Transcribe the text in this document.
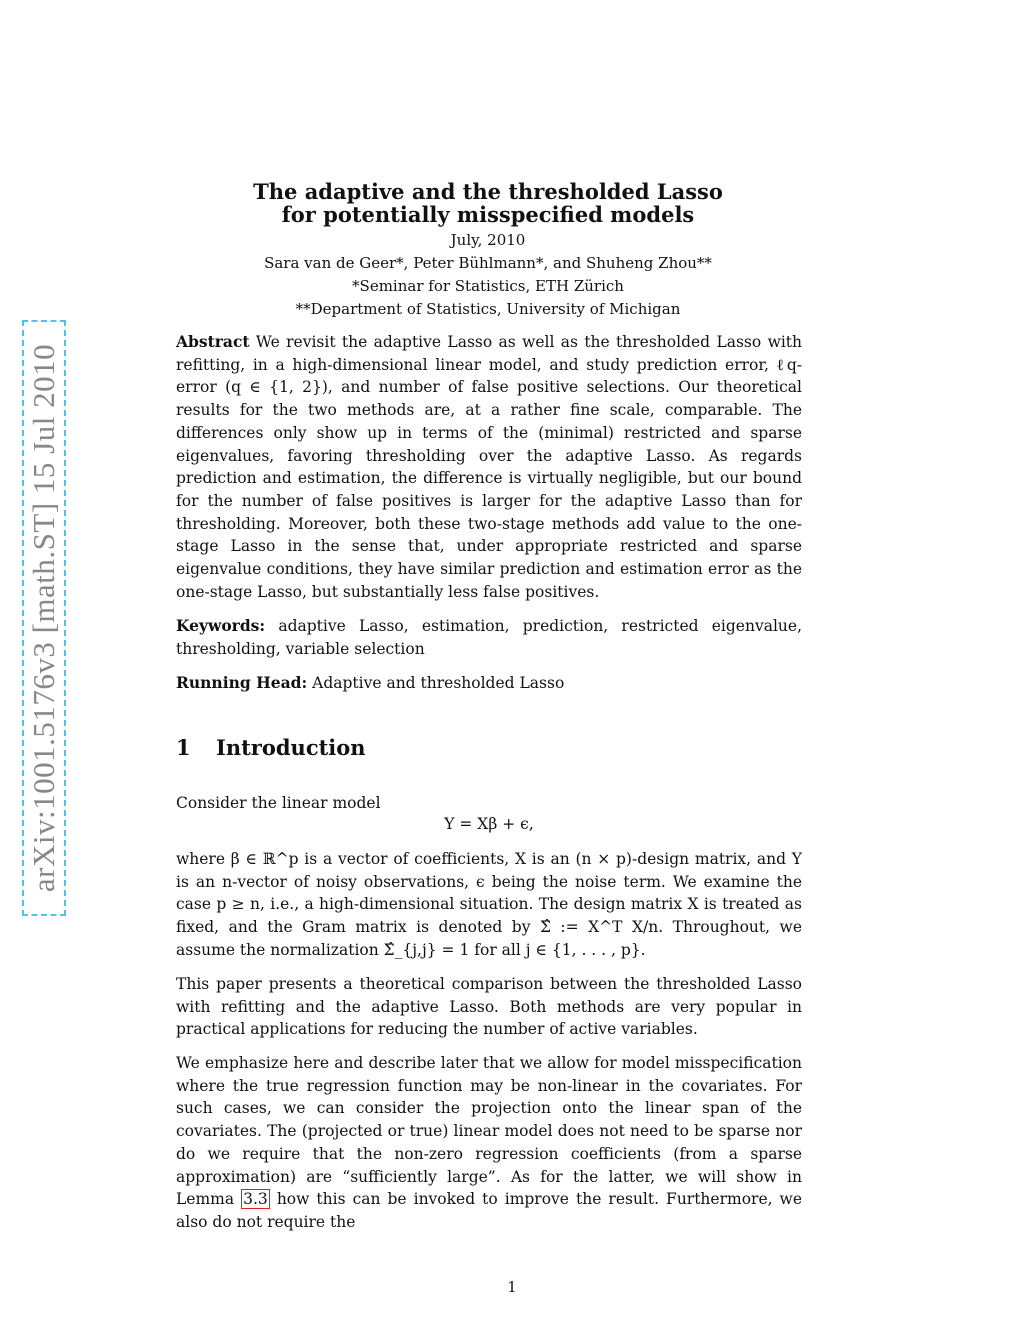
arXiv:1001.5176v3 [math.ST] 15 Jul 2010
The adaptive and the thresholded Lasso
for potentially misspecified models
July, 2010
Sara van de Geer*, Peter Bühlmann*, and Shuheng Zhou**
*Seminar for Statistics, ETH Zürich
**Department of Statistics, University of Michigan

Abstract We revisit the adaptive Lasso as well as the thresholded Lasso with refitting, in a high-dimensional linear model, and study prediction error, ℓq-error (q ∈ {1, 2}), and number of false positive selections. Our theoretical results for the two methods are, at a rather fine scale, comparable. The differences only show up in terms of the (minimal) restricted and sparse eigenvalues, favoring thresholding over the adaptive Lasso. As regards prediction and estimation, the difference is virtually negligible, but our bound for the number of false positives is larger for the adaptive Lasso than for thresholding. Moreover, both these two-stage methods add value to the one-stage Lasso in the sense that, under appropriate restricted and sparse eigenvalue conditions, they have similar prediction and estimation error as the one-stage Lasso, but substantially less false positives.

Keywords: adaptive Lasso, estimation, prediction, restricted eigenvalue, thresholding, variable selection

Running Head: Adaptive and thresholded Lasso

1 Introduction

Consider the linear model

Y = Xβ + ϵ,

where β ∈ ℝ^p is a vector of coefficients, X is an (n × p)-design matrix, and Y is an n-vector of noisy observations, ϵ being the noise term. We examine the case p ≥ n, i.e., a high-dimensional situation. The design matrix X is treated as fixed, and the Gram matrix is denoted by Σ̂ := X^T X/n. Throughout, we assume the normalization Σ̂_{j,j} = 1 for all j ∈ {1, . . . , p}.

This paper presents a theoretical comparison between the thresholded Lasso with refitting and the adaptive Lasso. Both methods are very popular in practical applications for reducing the number of active variables.

We emphasize here and describe later that we allow for model misspecification where the true regression function may be non-linear in the covariates. For such cases, we can consider the projection onto the linear span of the covariates. The (projected or true) linear model does not need to be sparse nor do we require that the non-zero regression coefficients (from a sparse approximation) are “sufficiently large”. As for the latter, we will show in Lemma 3.3 how this can be invoked to improve the result. Furthermore, we also do not require the

1
